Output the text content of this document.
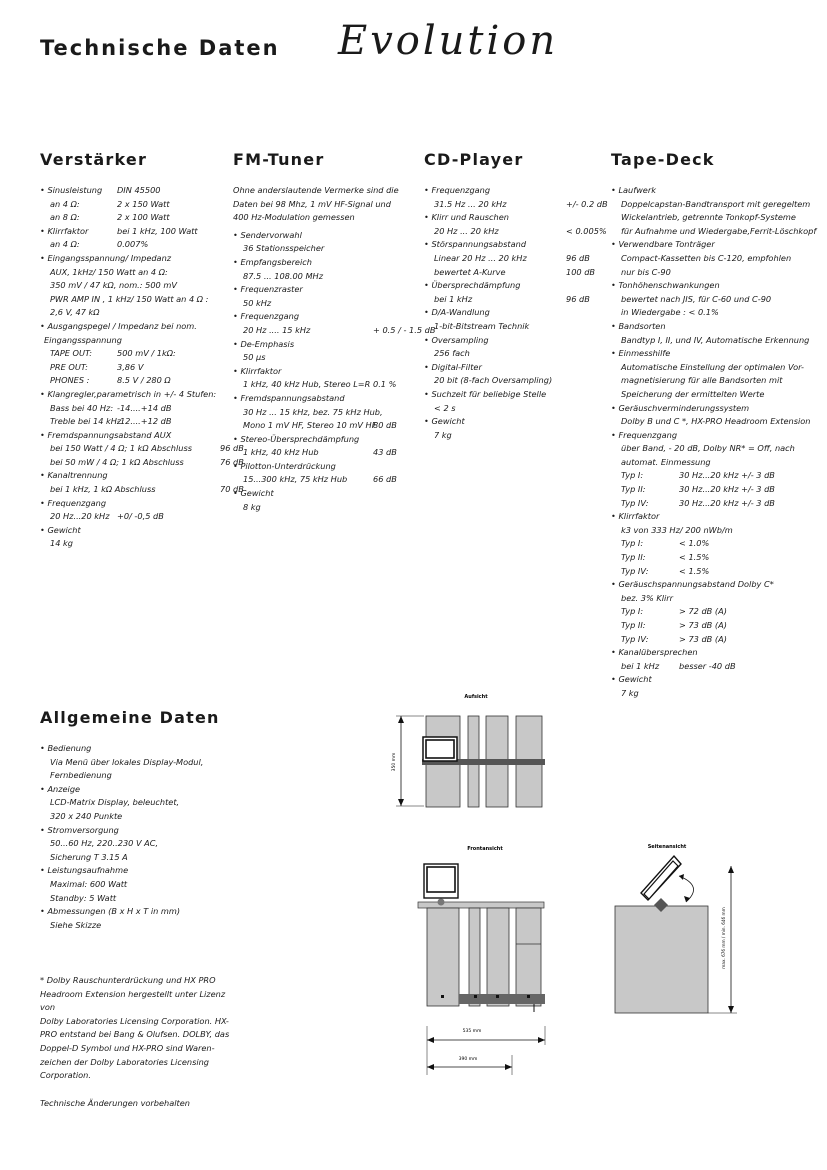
Technische Daten Evolution
Verstärker
• Sinusleistung DIN 45500
an 4 Ω:	2 x 150 Watt
an 8 Ω:	2 x 100 Watt
• Klirrfaktor	bei 1 kHz, 100 Watt
an 4 Ω:	0.007%
• Eingangsspannung/ Impedanz
AUX, 1kHz/ 150 Watt an 4 Ω:
350 mV / 47 kΩ, nom.: 500 mV
PWR AMP IN , 1 kHz/ 150 Watt an 4 Ω :
2,6 V, 47 kΩ
• Ausgangspegel / Impedanz bei nom.
Eingangsspannung
TAPE OUT:	500 mV / 1kΩ:
PRE OUT:	3,86 V
PHONES :	8.5 V / 280 Ω
• Klangregler,parametrisch in +/- 4 Stufen:
Bass bei 40 Hz: -14....+14 dB
Treble bei 14 kHz:
-12....+12 dB
• Fremdspannungsabstand AUX
bei 150 Watt / 4 Ω; 1 kΩ Abschluss	96 dB
bei 50 mW / 4 Ω; 1 kΩ Abschluss	76 dB
• Kanaltrennung
bei 1 kHz, 1 kΩ Abschluss	70 dB
• Frequenzgang
20 Hz...20 kHz +0/ -0,5 dB
• Gewicht
14 kg
FM-Tuner
Ohne anderslautende Vermerke sind die Daten bei 98 Mhz, 1 mV HF-Signal und 400 Hz-Modulation gemessen
• Sendervorwahl
36 Stationsspeicher
• Empfangsbereich
87.5 ... 108.00 MHz
• Frequenzraster
50 kHz
• Frequenzgang
20 Hz .... 15 kHz	+ 0.5 / - 1.5 dB
• De-Emphasis
50 µs
• Klirrfaktor
1 kHz, 40 kHz Hub, Stereo L=R 0.1 %
• Fremdspannungsabstand
30 Hz ... 15 kHz, bez. 75 kHz Hub,
Mono 1 mV HF, Stereo 10 mV HF
80 dB
• Stereo-Übersprechdämpfung
1 kHz, 40 kHz Hub	43 dB
• Pilotton-Unterdrückung
15...300 kHz, 75 kHz Hub	66 dB
• Gewicht
8 kg
CD-Player
• Frequenzgang
31.5 Hz ... 20 kHz	+/- 0.2 dB
• Klirr und Rauschen
20 Hz ... 20 kHz	< 0.005%
• Störspannungsabstand
Linear 20 Hz ... 20 kHz	96 dB
bewertet A-Kurve	100 dB
• Übersprechdämpfung
bei 1 kHz	96 dB
• D/A-Wandlung
1-bit-Bitstream Technik
• Oversampling
256 fach
• Digital-Filter
20 bit (8-fach Oversampling)
• Suchzeit für beliebige Stelle
< 2 s
• Gewicht
7 kg
Tape-Deck
• Laufwerk
Doppelcapstan-Bandtransport mit geregeltem
Wickelantrieb, getrennte Tonkopf-Systeme
für Aufnahme und Wiedergabe,Ferrit-Löschkopf
• Verwendbare Tonträger
Compact-Kassetten bis C-120, empfohlen
nur bis C-90
• Tonhöhenschwankungen
bewertet nach JIS, für C-60 und C-90
in Wiedergabe : < 0.1%
• Bandsorten
Bandtyp I, II, und IV, Automatische Erkennung
• Einmesshilfe
Automatische Einstellung der optimalen Vor-
magnetisierung für alle Bandsorten mit
Speicherung der ermittelten Werte
• Geräuschverminderungssystem
Dolby B und C *, HX-PRO Headroom Extension
• Frequenzgang
über Band, - 20 dB, Dolby NR* = Off, nach
automat. Einmessung
Typ I:	30 Hz...20 kHz +/- 3 dB
Typ II:	30 Hz...20 kHz +/- 3 dB
Typ IV:	30 Hz...20 kHz +/- 3 dB
• Klirrfaktor
k3 von 333 Hz/ 200 nWb/m
Typ I:	< 1.0%
Typ II:	< 1.5%
Typ IV:	< 1.5%
• Geräuschspannungsabstand Dolby C*
bez. 3% Klirr
Typ I:	> 72 dB (A)
Typ II:	> 73 dB (A)
Typ IV:	> 73 dB (A)
• Kanalübersprechen
bei 1 kHz besser -40 dB
• Gewicht
7 kg
Allgemeine Daten
• Bedienung
Via Menü über lokales Display-Modul,
Fernbedienung
• Anzeige
LCD-Matrix Display, beleuchtet,
320 x 240 Punkte
• Stromversorgung
50...60 Hz, 220..230 V AC,
Sicherung T 3.15 A
• Leistungsaufnahme
Maximal: 600 Watt
Standby: 5 Watt
• Abmessungen (B x H x T in mm)
Siehe Skizze
* Dolby Rauschunterdrückung und HX PRO
Headroom Extension hergestellt unter Lizenz von
Dolby Laboratories Licensing Corporation. HX-
PRO entstand bei Bang & Olufsen. DOLBY, das
Doppel-D Symbol und HX-PRO sind Waren-
zeichen der Dolby Laboratories Licensing
Corporation.
Technische Änderungen vorbehalten
Aufsicht
350 mm
Frontansicht
535 mm
390 mm
Seitenansicht
max. 676 mm / min. 646 mm
